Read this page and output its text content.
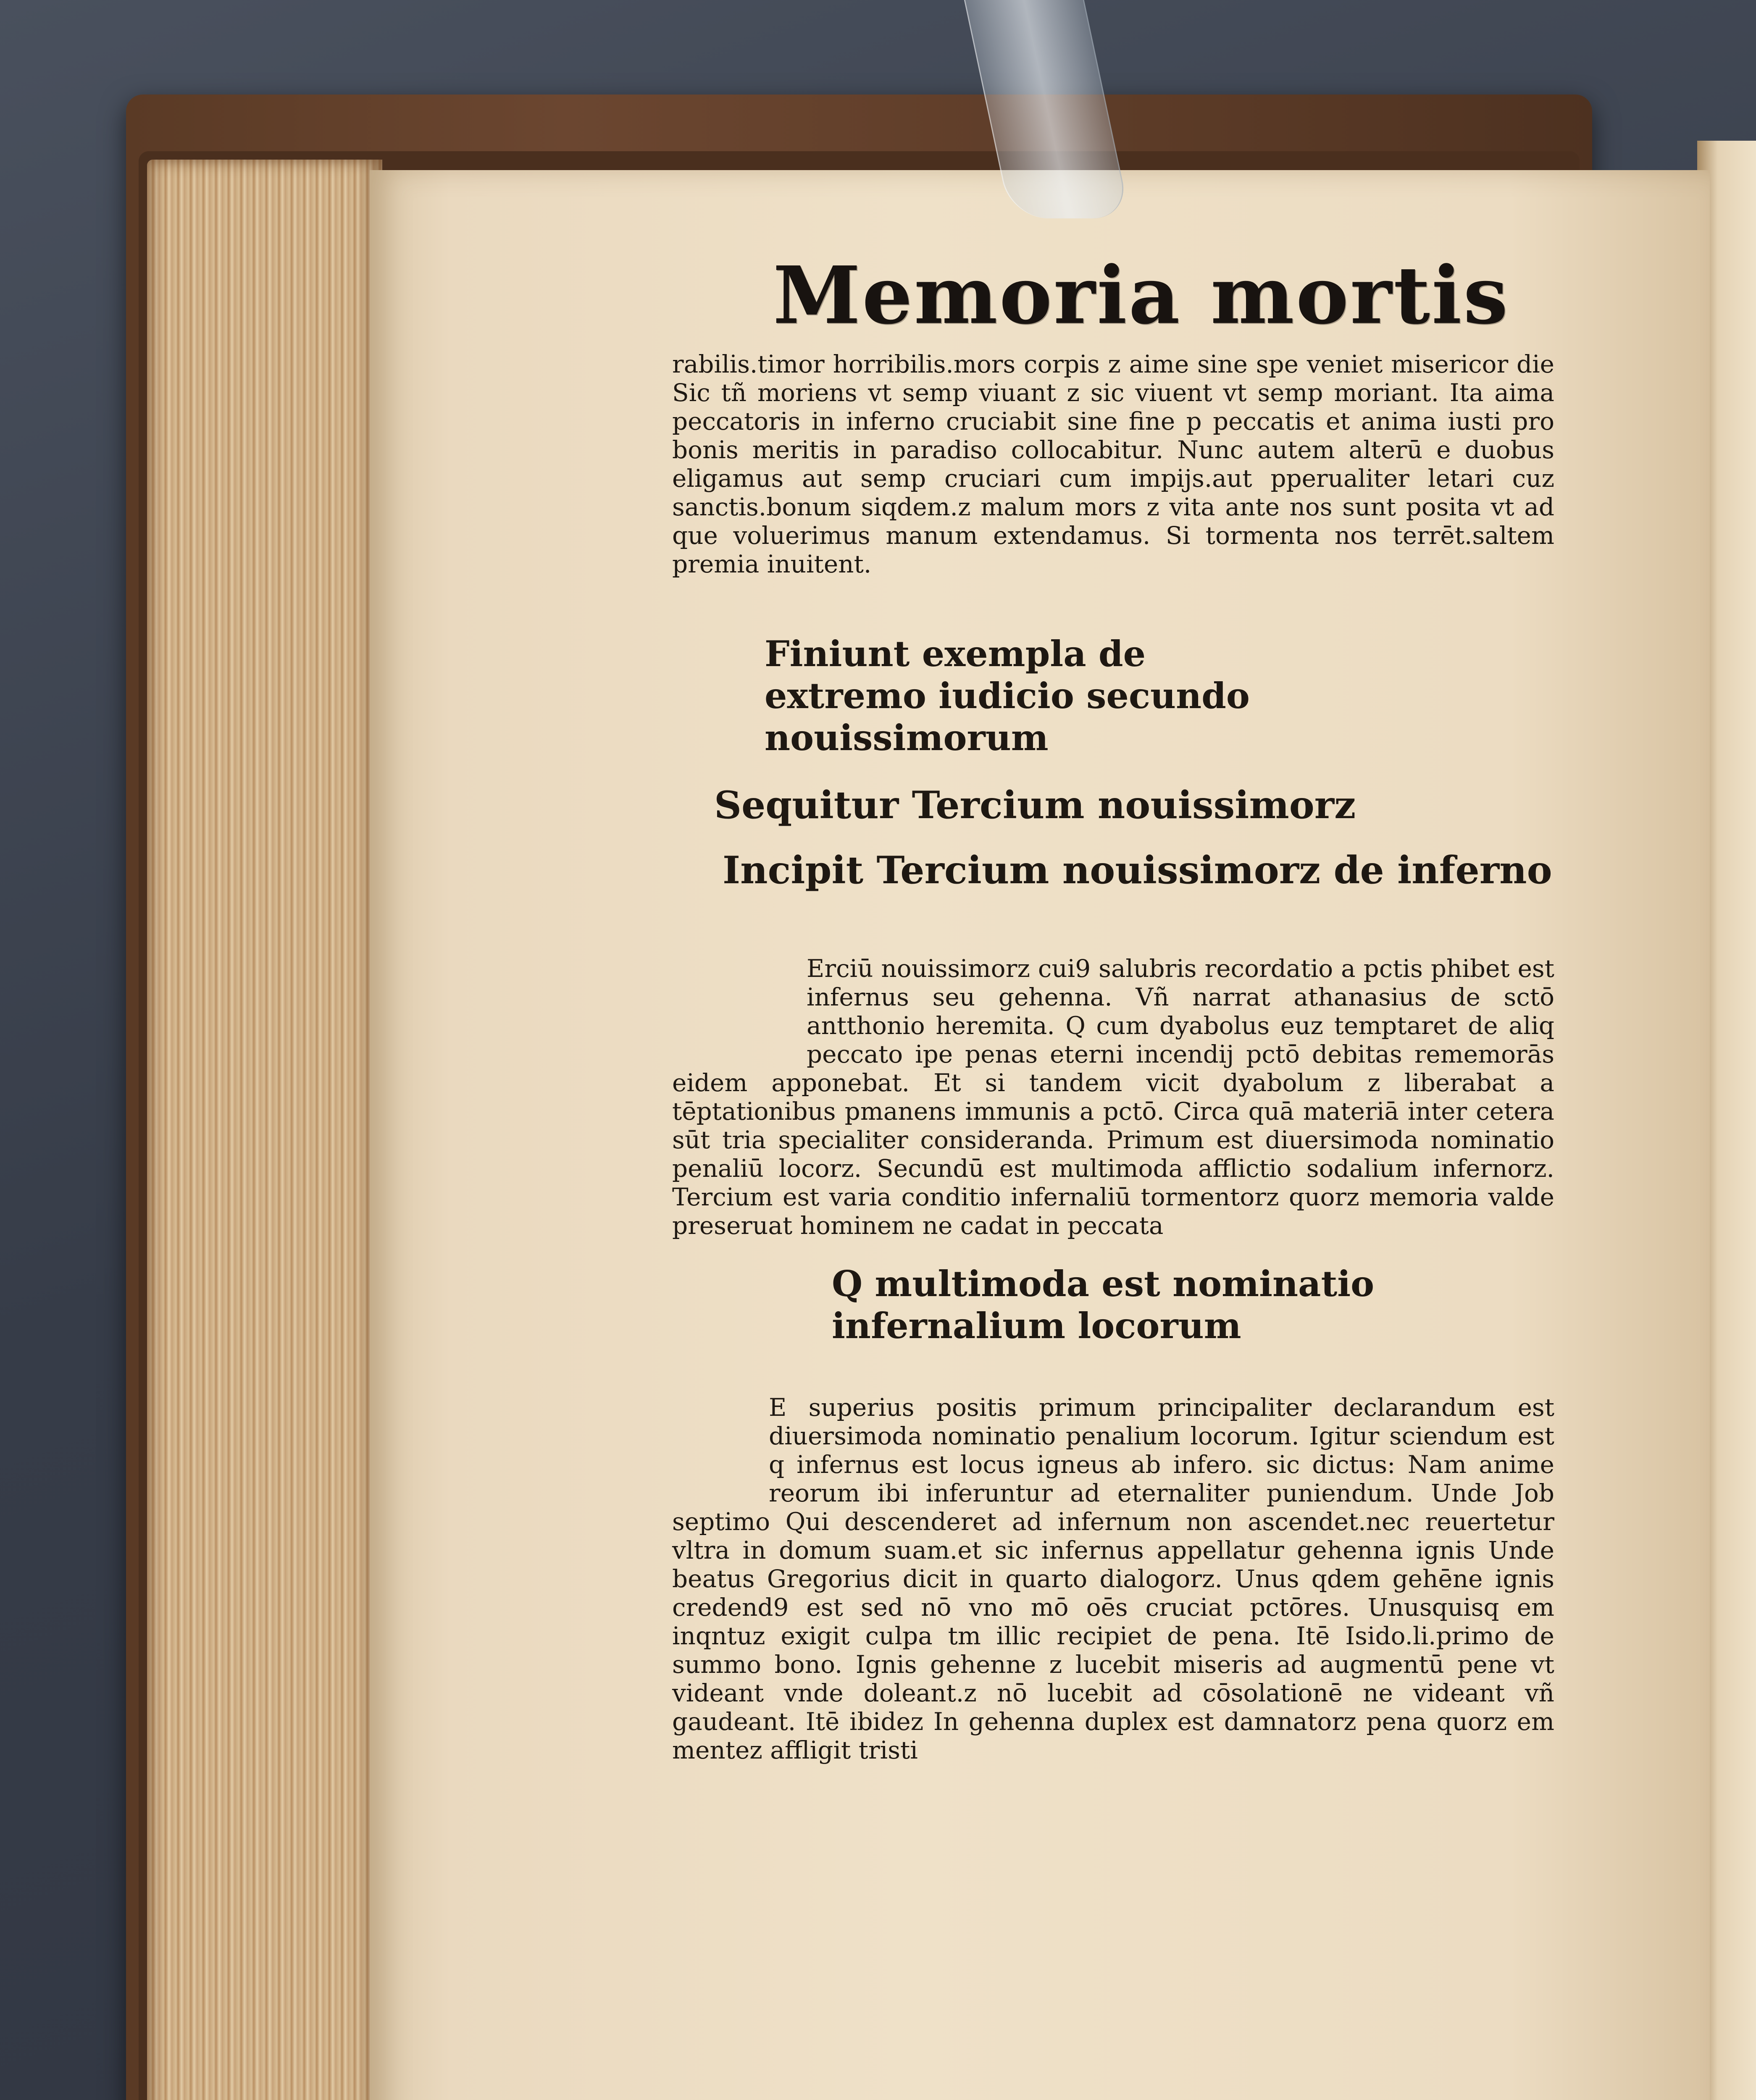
Memoria mortis

rabilis.timor horribilis.mors corpis z aime sine spe veniet misericor die Sic tñ moriens vt semp viuant z sic viuent vt semp moriant. Ita aima peccatoris in inferno cruciabit sine fine p peccatis et anima iusti pro bonis meritis in paradiso collocabitur. Nunc autem alterū e duobus eligamus aut semp cruciari cum impijs.aut pperualiter letari cuz sanctis.bonum siqdem.z malum mors z vita ante nos sunt posita vt ad que voluerimus manum extendamus. Si tormenta nos terrēt.saltem premia inuitent.

Finiunt exempla de extremo iudicio secundo nouissimorum
Sequitur Tercium nouissimorz
Incipit Tercium nouissimorz de inferno

Erciū nouissimorz cui9 salubris recordatio a pctis phibet est infernus seu gehenna. Vñ narrat athanasius de sctō antthonio heremita. Q cum dyabolus euz temptaret de aliq peccato ipe penas eterni incendij pctō debitas rememorās eidem apponebat. Et si tandem vicit dyabolum z liberabat a tēptationibus pmanens immunis a pctō. Circa quā materiā inter cetera sūt tria specialiter consideranda. Primum est diuersimoda nominatio penaliū locorz. Secundū est multimoda afflictio sodalium infernorz. Tercium est varia conditio infernaliū tormentorz quorz memoria valde preseruat hominem ne cadat in peccata

Q multimoda est nominatio infernalium locorum

E superius positis primum principaliter declarandum est diuersimoda nominatio penalium locorum. Igitur sciendum est q infernus est locus igneus ab infero. sic dictus: Nam anime reorum ibi inferuntur ad eternaliter puniendum. Unde Job septimo Qui descenderet ad infernum non ascendet.nec reuertetur vltra in domum suam.et sic infernus appellatur gehenna ignis Unde beatus Gregorius dicit in quarto dialogorz. Unus qdem gehēne ignis credend9 est sed nō vno mō oēs cruciat pctōres. Unusquisq em inqntuz exigit culpa tm illic recipiet de pena. Itē Isido.li.primo de summo bono. Ignis gehenne z lucebit miseris ad augmentū pene vt videant vnde doleant.z nō lucebit ad cōsolationē ne videant vñ gaudeant. Itē ibidez In gehenna duplex est damnatorz pena quorz em mentez affligit tristi
